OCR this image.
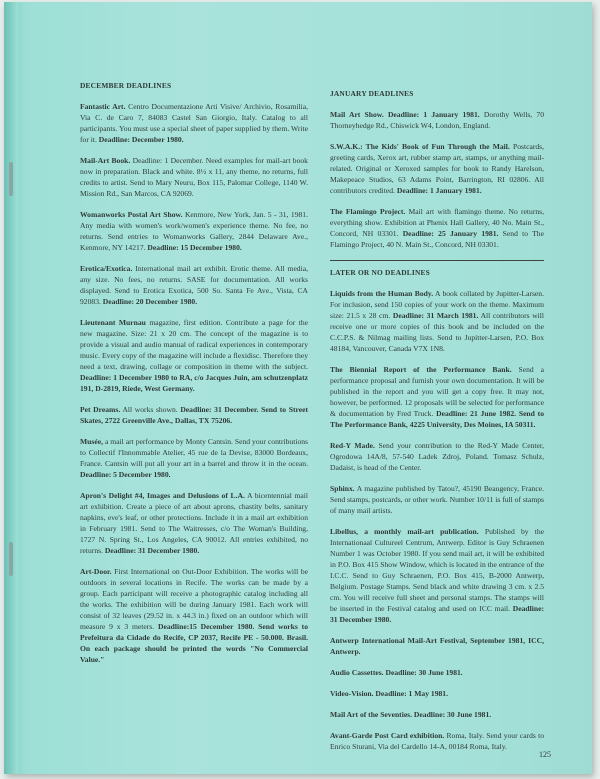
DECEMBER DEADLINES
Fantastic Art. Centro Documentazione Arti Visive/ Archivio, Rosamilia, Via C. de Caro 7, 84083 Castel San Giorgio, Italy. Catalog to all participants. You must use a special sheet of paper supplied by them. Write for it. Deadline: December 1980.
Mail-Art Book. Deadline: 1 December. Need examples for mail-art book now in preparation. Black and white. 8½ x 11, any theme, no returns, full credits to artist. Send to Mary Neuru, Box 115, Palomar College, 1140 W. Mission Rd., San Marcos, CA 92069.
Womanworks Postal Art Show. Kenmore, New York, Jan. 5 - 31, 1981. Any media with women's work/women's experience theme. No fee, no returns. Send entries to Womanworks Gallery, 2844 Delaware Ave., Kenmore, NY 14217. Deadline: 15 December 1980.
Erotica/Exotica. International mail art exhibit. Erotic theme. All media, any size. No fees, no returns. SASE for documentation. All works displayed. Send to Erotica Exotica, 500 So. Santa Fe Ave., Vista, CA 92083. Deadline: 20 December 1980.
Lieutenant Murnau magazine, first edition. Contribute a page for the new magazine. Size: 21 x 20 cm. The concept of the magazine is to provide a visual and audio manual of radical experiences in contemporary music. Every copy of the magazine will include a flexidisc. Therefore they need a text, drawing, collage or composition in theme with the subject. Deadline: 1 December 1980 to RA, c/o Jacques Juin, am schutzenplatz 191, D-2819, Riede, West Germany.
Pet Dreams. All works shown. Deadline: 31 December. Send to Street Skates, 2722 Greenville Ave., Dallas, TX 75206.
Musée, a mail art performance by Monty Cantsin. Send your contributions to Collectif l'Innommable Atelier, 45 rue de la Devise, 83000 Bordeaux, France. Cantsin will put all your art in a barrel and throw it in the ocean. Deadline: 5 December 1980.
Apron's Delight #4, Images and Delusions of L.A. A bicentennial mail art exhibition. Create a piece of art about aprons, chastity belts, sanitary napkins, eve's leaf, or other protections. Include it in a mail art exhibition in February 1981. Send to The Waitresses, c/o The Woman's Building, 1727 N. Spring St., Los Angeles, CA 90012. All entries exhibited, no returns. Deadline: 31 December 1980.
Art-Door. First International on Out-Door Exhibition. The works will be outdoors in several locations in Recife. The works can be made by a group. Each participant will receive a photographic catalog including all the works. The exhibition will be during January 1981. Each work will consist of 32 leaves (29.52 in. x 44.3 in.) fixed on an outdoor which will measure 9 x 3 meters. Deadline:15 December 1980. Send works to Prefeitura da Cidade do Recife, CP 2037, Recife PE - 50.000. Brasil. On each package should be printed the words "No Commercial Value."
JANUARY DEADLINES
Mail Art Show. Deadline: 1 January 1981. Dorothy Wells, 70 Thorneyhedge Rd., Chiswick W4, London, England.
S.W.A.K.: The Kids' Book of Fun Through the Mail. Postcards, greeting cards, Xerox art, rubber stamp art, stamps, or anything mail-related. Original or Xeroxed samples for book to Randy Harelson, Makepeace Studios, 63 Adams Point, Barrington, RI 02806. All contributors credited. Deadline: 1 January 1981.
The Flamingo Project. Mail art with flamingo theme. No returns, everything show. Exhibition at Phenix Hall Gallery, 40 No. Main St., Concord, NH 03301. Deadline: 25 January 1981. Send to The Flamingo Project, 40 N. Main St., Concord, NH 03301.
LATER OR NO DEADLINES
Liquids from the Human Body. A book collated by Jupitter-Larsen. For inclusion, send 150 copies of your work on the theme. Maximum size: 21.5 x 28 cm. Deadline: 31 March 1981. All contributors will receive one or more copies of this book and be included on the C.C.P.S. & Nilmag mailing lists. Send to Jupitter-Larsen, P.O. Box 48184, Vancouver, Canada V7X 1N8.
The Biennial Report of the Performance Bank. Send a performance proposal and furnish your own documentation. It will be published in the report and you will get a copy free. It may not, however, be performed. 12 proposals will be selected for performance & documentation by Fred Truck. Deadline: 21 June 1982. Send to The Performance Bank, 4225 University, Des Moines, IA 50311.
Red-Y Made. Send your contribution to the Red-Y Made Center, Ogrodowa 14A/8, 57-540 Ladek Zdroj, Poland. Tomasz Schulz, Dadaist, is head of the Center.
Sphinx. A magazine published by Tatou?, 45190 Beaugency, France. Send stamps, postcards, or other work. Number 10/11 is full of stamps of many mail artists.
Libellus, a monthly mail-art publication. Published by the Internationaal Cultureel Centrum, Antwerp. Editor is Guy Schraenen Number 1 was October 1980. If you send mail art, it will be exhibited in P.O. Box 415 Show Window, which is located in the entrance of the I.C.C. Send to Guy Schraenen, P.O. Box 415, B-2000 Antwerp, Belgium. Postage Stamps. Send black and white drawing 3 cm. x 2.5 cm. You will receive full sheet and personal stamps. The stamps will be inserted in the Festival catalog and used on ICC mail. Deadline: 31 December 1980.
Antwerp International Mail-Art Festival, September 1981, ICC, Antwerp.
Audio Cassettes. Deadline: 30 June 1981.
Video-Vision. Deadline: 1 May 1981.
Mail Art of the Seventies. Deadline: 30 June 1981.
Avant-Garde Post Card exhibition. Roma, Italy. Send your cards to Enrico Sturani, Via del Cardello 14-A, 00184 Roma, Italy.
125
